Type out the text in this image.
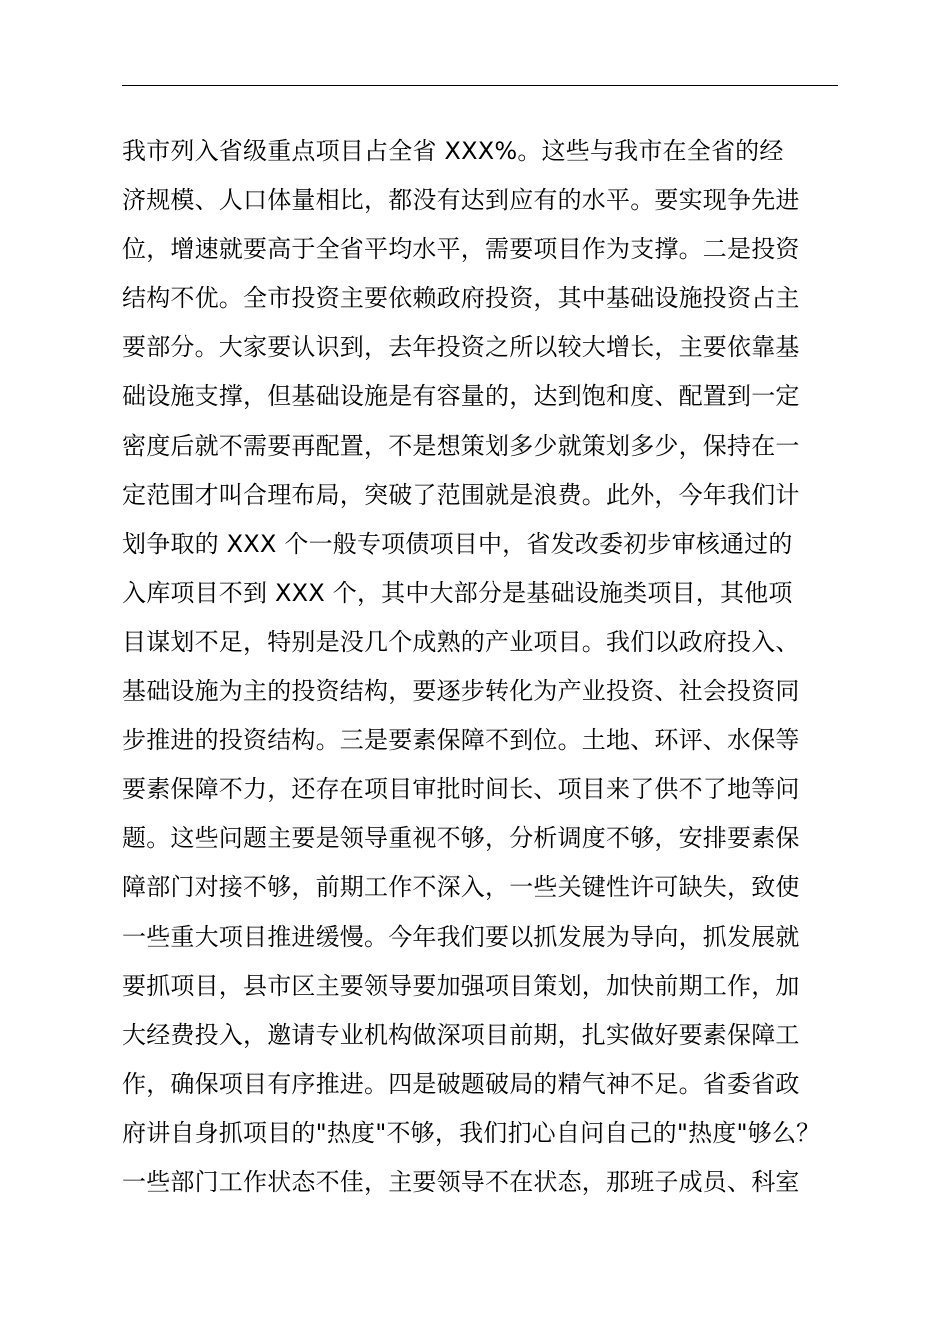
我市列入省级重点项目占全省 XXX%。这些与我市在全省的经
济规模、人口体量相比，都没有达到应有的水平。要实现争先进
位，增速就要高于全省平均水平，需要项目作为支撑。二是投资
结构不优。全市投资主要依赖政府投资，其中基础设施投资占主
要部分。大家要认识到，去年投资之所以较大增长，主要依靠基
础设施支撑，但基础设施是有容量的，达到饱和度、配置到一定
密度后就不需要再配置，不是想策划多少就策划多少，保持在一
定范围才叫合理布局，突破了范围就是浪费。此外，今年我们计
划争取的 XXX 个一般专项债项目中，省发改委初步审核通过的
入库项目不到 XXX 个，其中大部分是基础设施类项目，其他项
目谋划不足，特别是没几个成熟的产业项目。我们以政府投入、
基础设施为主的投资结构，要逐步转化为产业投资、社会投资同
步推进的投资结构。三是要素保障不到位。土地、环评、水保等
要素保障不力，还存在项目审批时间长、项目来了供不了地等问
题。这些问题主要是领导重视不够，分析调度不够，安排要素保
障部门对接不够，前期工作不深入，一些关键性许可缺失，致使
一些重大项目推进缓慢。今年我们要以抓发展为导向，抓发展就
要抓项目，县市区主要领导要加强项目策划，加快前期工作，加
大经费投入，邀请专业机构做深项目前期，扎实做好要素保障工
作，确保项目有序推进。四是破题破局的精气神不足。省委省政
府讲自身抓项目的"热度"不够，我们扪心自问自己的"热度"够么？
一些部门工作状态不佳，主要领导不在状态，那班子成员、科室
